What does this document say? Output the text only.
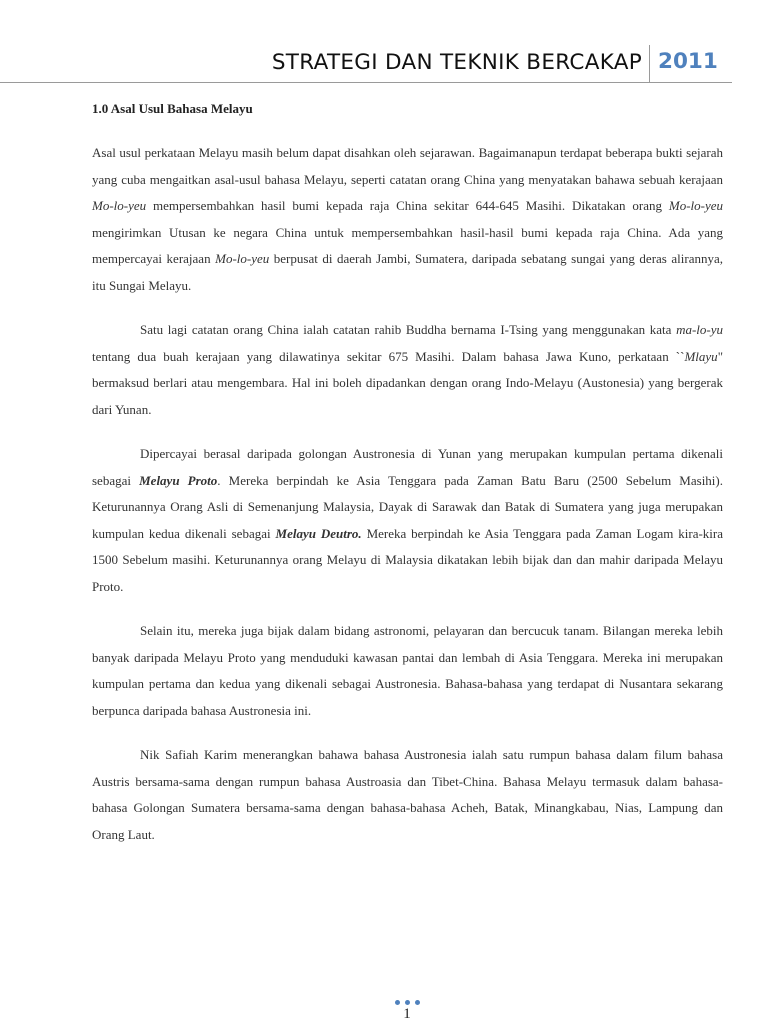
STRATEGI DAN TEKNIK BERCAKAP 2011
1.0 Asal Usul Bahasa Melayu

Asal usul perkataan Melayu masih belum dapat disahkan oleh sejarawan. Bagaimanapun terdapat beberapa bukti sejarah yang cuba mengaitkan asal-usul bahasa Melayu, seperti catatan orang China yang menyatakan bahawa sebuah kerajaan Mo-lo-yeu mempersembahkan hasil bumi kepada raja China sekitar 644-645 Masihi. Dikatakan orang Mo-lo-yeu mengirimkan Utusan ke negara China untuk mempersembahkan hasil-hasil bumi kepada raja China. Ada yang mempercayai kerajaan Mo-lo-yeu berpusat di daerah Jambi, Sumatera, daripada sebatang sungai yang deras alirannya, itu Sungai Melayu.

Satu lagi catatan orang China ialah catatan rahib Buddha bernama I-Tsing yang menggunakan kata ma-lo-yu tentang dua buah kerajaan yang dilawatinya sekitar 675 Masihi. Dalam bahasa Jawa Kuno, perkataan ``Mlayu" bermaksud berlari atau mengembara. Hal ini boleh dipadankan dengan orang Indo-Melayu (Austonesia) yang bergerak dari Yunan.

Dipercayai berasal daripada golongan Austronesia di Yunan yang merupakan kumpulan pertama dikenali sebagai Melayu Proto. Mereka berpindah ke Asia Tenggara pada Zaman Batu Baru (2500 Sebelum Masihi). Keturunannya Orang Asli di Semenanjung Malaysia, Dayak di Sarawak dan Batak di Sumatera yang juga merupakan kumpulan kedua dikenali sebagai Melayu Deutro. Mereka berpindah ke Asia Tenggara pada Zaman Logam kira-kira 1500 Sebelum masihi. Keturunannya orang Melayu di Malaysia dikatakan lebih bijak dan dan mahir daripada Melayu Proto.

Selain itu, mereka juga bijak dalam bidang astronomi, pelayaran dan bercucuk tanam. Bilangan mereka lebih banyak daripada Melayu Proto yang menduduki kawasan pantai dan lembah di Asia Tenggara. Mereka ini merupakan kumpulan pertama dan kedua yang dikenali sebagai Austronesia. Bahasa-bahasa yang terdapat di Nusantara sekarang berpunca daripada bahasa Austronesia ini.

Nik Safiah Karim menerangkan bahawa bahasa Austronesia ialah satu rumpun bahasa dalam filum bahasa Austris bersama-sama dengan rumpun bahasa Austroasia dan Tibet-China. Bahasa Melayu termasuk dalam bahasa-bahasa Golongan Sumatera bersama-sama dengan bahasa-bahasa Acheh, Batak, Minangkabau, Nias, Lampung dan Orang Laut.

1
